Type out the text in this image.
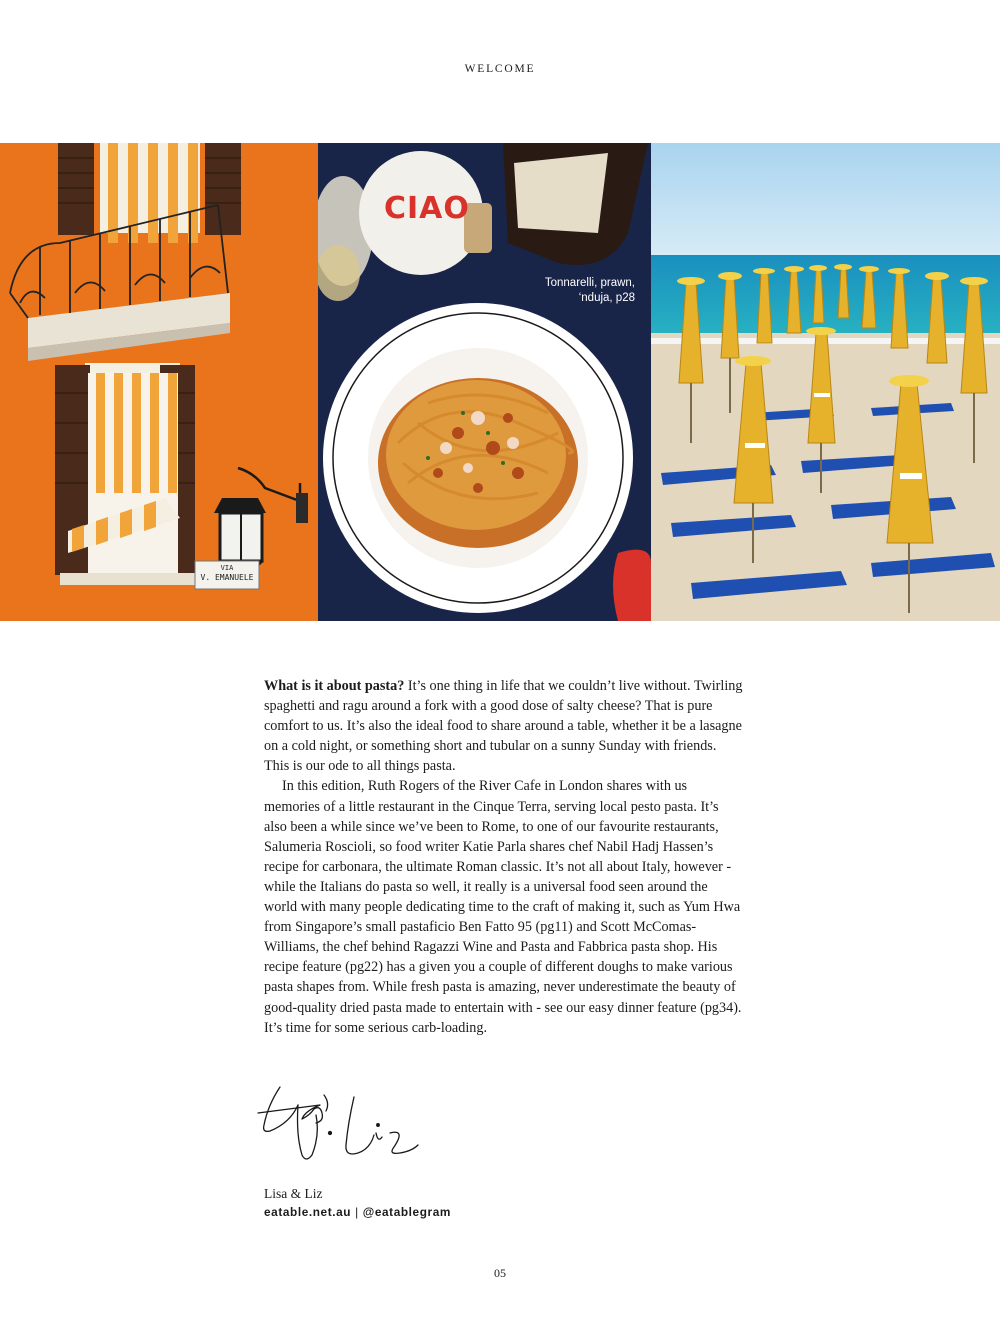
WELCOME
VIA
V. EMANUELE
CIAO
Tonnarelli, prawn, ‘nduja, p28

What is it about pasta? It’s one thing in life that we couldn’t live without. Twirling spaghetti and ragu around a fork with a good dose of salty cheese? That is pure comfort to us. It’s also the ideal food to share around a table, whether it be a lasagne on a cold night, or something short and tubular on a sunny Sunday with friends. This is our ode to all things pasta.

In this edition, Ruth Rogers of the River Cafe in London shares with us memories of a little restaurant in the Cinque Terra, serving local pesto pasta. It’s also been a while since we’ve been to Rome, to one of our favourite restaurants, Salumeria Roscioli, so food writer Katie Parla shares chef Nabil Hadj Hassen’s recipe for carbonara, the ultimate Roman classic. It’s not all about Italy, however - while the Italians do pasta so well, it really is a universal food seen around the world with many people dedicating time to the craft of making it, such as Yum Hwa from Singapore’s small pastaficio Ben Fatto 95 (pg11) and Scott McComas-Williams, the chef behind Ragazzi Wine and Pasta and Fabbrica pasta shop. His recipe feature (pg22) has a given you a couple of different doughs to make various pasta shapes from. While fresh pasta is amazing, never underestimate the beauty of good-quality dried pasta made to entertain with - see our easy dinner feature (pg34). It’s time for some serious carb-loading.

Lisa & Liz
eatable.net.au | @eatablegram
05
